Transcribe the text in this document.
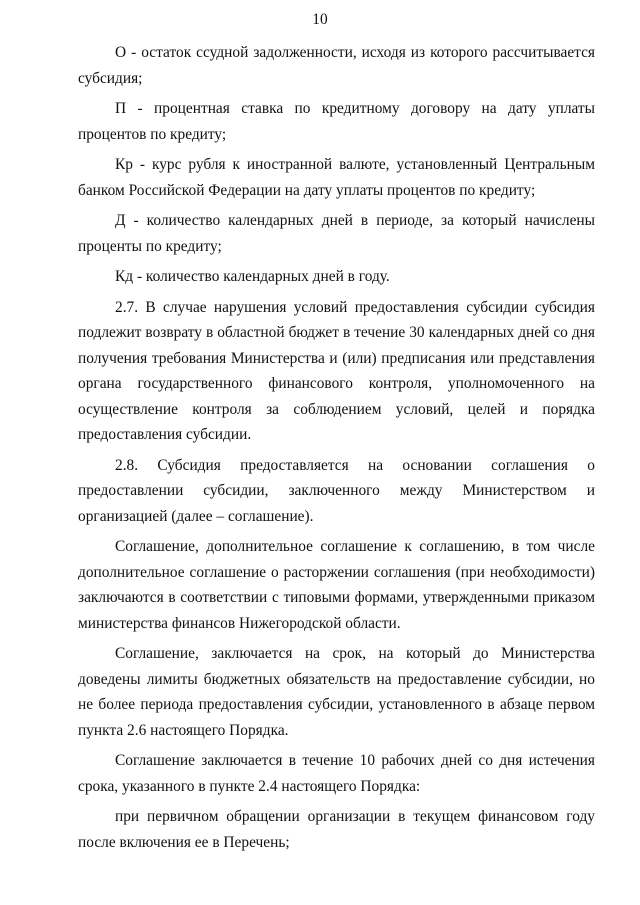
10

О - остаток ссудной задолженности, исходя из которого рассчитывается субсидия;

П - процентная ставка по кредитному договору на дату уплаты процентов по кредиту;

Кр - курс рубля к иностранной валюте, установленный Центральным банком Российской Федерации на дату уплаты процентов по кредиту;

Д - количество календарных дней в периоде, за который начислены проценты по кредиту;

Кд - количество календарных дней в году.

2.7. В случае нарушения условий предоставления субсидии субсидия подлежит возврату в областной бюджет в течение 30 календарных дней со дня получения требования Министерства и (или) предписания или представления органа государственного финансового контроля, уполномоченного на осуществление контроля за соблюдением условий, целей и порядка предоставления субсидии.

2.8. Субсидия предоставляется на основании соглашения о предоставлении субсидии, заключенного между Министерством и организацией (далее – соглашение).

Соглашение, дополнительное соглашение к соглашению, в том числе дополнительное соглашение о расторжении соглашения (при необходимости) заключаются в соответствии с типовыми формами, утвержденными приказом министерства финансов Нижегородской области.

Соглашение, заключается на срок, на который до Министерства доведены лимиты бюджетных обязательств на предоставление субсидии, но не более периода предоставления субсидии, установленного в абзаце первом пункта 2.6 настоящего Порядка.

Соглашение заключается в течение 10 рабочих дней со дня истечения срока, указанного в пункте 2.4 настоящего Порядка:

при первичном обращении организации в текущем финансовом году после включения ее в Перечень;
